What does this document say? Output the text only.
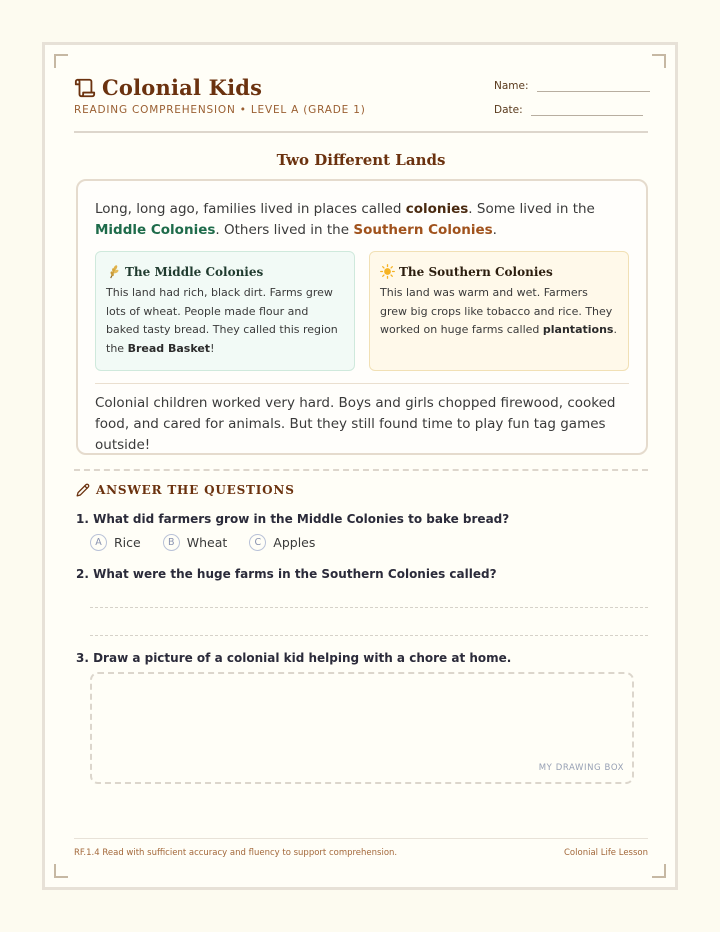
Colonial Kids
READING COMPREHENSION • LEVEL A (GRADE 1)
Name:
Date:
Two Different Lands

Long, long ago, families lived in places called colonies. Some lived in the Middle Colonies. Others lived in the Southern Colonies.

The Middle Colonies

This land had rich, black dirt. Farms grew lots of wheat. People made flour and baked tasty bread. They called this region the Bread Basket!

The Southern Colonies

This land was warm and wet. Farmers grew big crops like tobacco and rice. They worked on huge farms called plantations.

Colonial children worked very hard. Boys and girls chopped firewood, cooked food, and cared for animals. But they still found time to play fun tag games outside!

ANSWER THE QUESTIONS
1. What did farmers grow in the Middle Colonies to bake bread?
A Rice	B Wheat	C Apples
2. What were the huge farms in the Southern Colonies called?
3. Draw a picture of a colonial kid helping with a chore at home.
MY DRAWING BOX
RF.1.4 Read with sufficient accuracy and fluency to support comprehension.	Colonial Life Lesson
